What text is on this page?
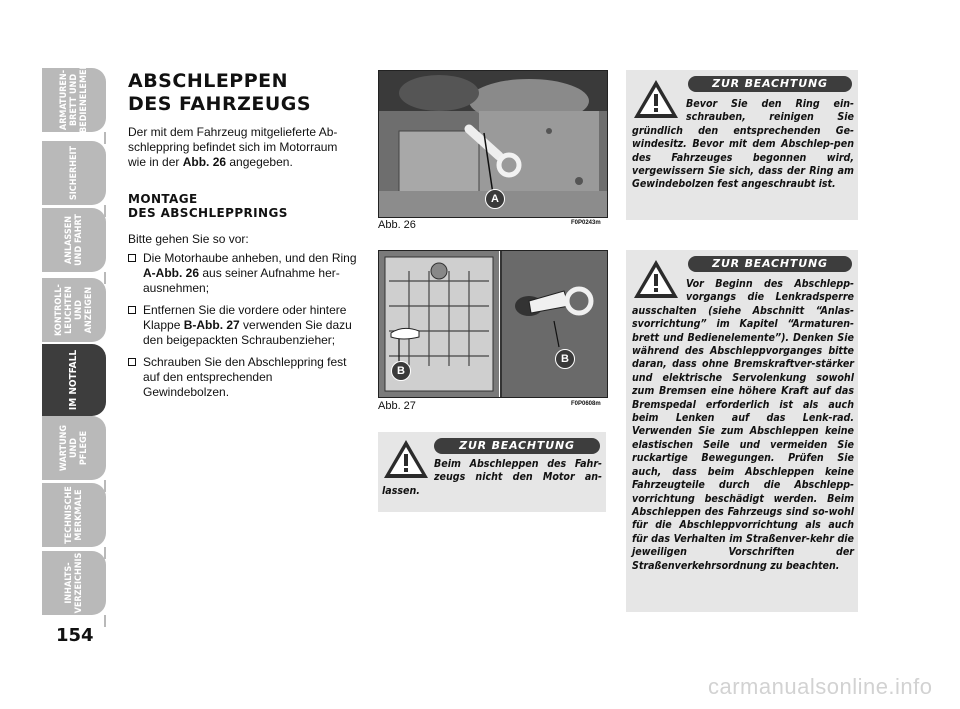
ARMATUREN-
BRETT UND
BEDIENELEMENTE
SICHERHEIT
ANLASSEN
UND FAHRT
KONTROLL-
LEUCHTEN UND
ANZEIGEN
IM NOTFALL
WARTUNG UND
PFLEGE
TECHNISCHE
MERKMALE
INHALTS-
VERZEICHNIS
154
ABSCHLEPPEN
DES FAHRZEUGS
Der mit dem Fahrzeug mitgelieferte Ab-schleppring befindet sich im Motorraum wie in der Abb. 26 angegeben.
MONTAGE
DES ABSCHLEPPRINGS
Bitte gehen Sie so vor:
Die Motorhaube anheben, und den Ring A-Abb. 26 aus seiner Aufnahme her-ausnehmen;
Entfernen Sie die vordere oder hintere Klappe B-Abb. 27 verwenden Sie dazu den beigepackten Schraubenzieher;
Schrauben Sie den Abschleppring fest auf den entsprechenden Gewindebolzen.
A
Abb. 26	F0P0243m
B
B
Abb. 27	F0P0608m
ZUR BEACHTUNG
Beim Abschleppen des Fahr-zeugs nicht den Motor an-lassen.
ZUR BEACHTUNG
Bevor Sie den Ring ein-schrauben, reinigen Sie gründlich den entsprechenden Ge-windesitz. Bevor mit dem Abschlep-pen des Fahrzeuges begonnen wird, vergewissern Sie sich, dass der Ring am Gewindebolzen fest angeschraubt ist.
ZUR BEACHTUNG
Vor Beginn des Abschlepp-vorgangs die Lenkradsperre ausschalten (siehe Abschnitt “Anlas-svorrichtung” im Kapitel “Armaturen-brett und Bedienelemente”). Denken Sie während des Abschleppvorganges bitte daran, dass ohne Bremskraftver-stärker und elektrische Servolenkung sowohl zum Bremsen eine höhere Kraft auf das Bremspedal erforderlich ist als auch beim Lenken auf das Lenk-rad. Verwenden Sie zum Abschleppen keine elastischen Seile und vermeiden Sie ruckartige Bewegungen. Prüfen Sie auch, dass beim Abschleppen keine Fahrzeugteile durch die Abschlepp-vorrichtung beschädigt werden. Beim Abschleppen des Fahrzeugs sind so-wohl für die Abschleppvorrichtung als auch für das Verhalten im Straßenver-kehr die jeweiligen Vorschriften der Straßenverkehrsordnung zu beachten.
carmanualsonline.info
